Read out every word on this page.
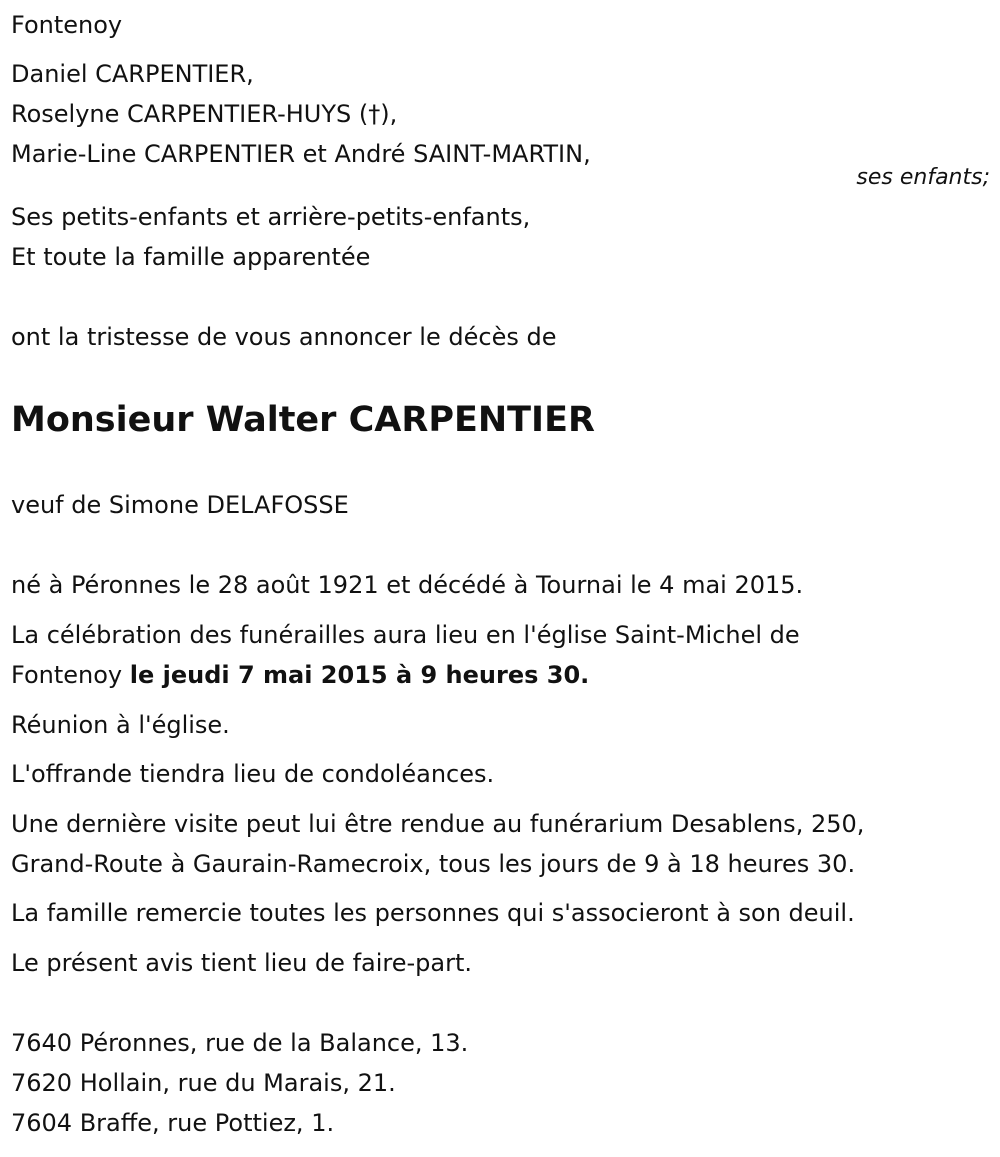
Fontenoy
Daniel CARPENTIER,
Roselyne CARPENTIER-HUYS (†),
Marie-Line CARPENTIER et André SAINT-MARTIN,
ses enfants;
Ses petits-enfants et arrière-petits-enfants,
Et toute la famille apparentée
ont la tristesse de vous annoncer le décès de
Monsieur Walter CARPENTIER
veuf de Simone DELAFOSSE
né à Péronnes le 28 août 1921 et décédé à Tournai le 4 mai 2015.
La célébration des funérailles aura lieu en l'église Saint-Michel de
Fontenoy le jeudi 7 mai 2015 à 9 heures 30.
Réunion à l'église.
L'offrande tiendra lieu de condoléances.
Une dernière visite peut lui être rendue au funérarium Desablens, 250,
Grand-Route à Gaurain-Ramecroix, tous les jours de 9 à 18 heures 30.
La famille remercie toutes les personnes qui s'associeront à son deuil.
Le présent avis tient lieu de faire-part.
7640 Péronnes, rue de la Balance, 13.
7620 Hollain, rue du Marais, 21.
7604 Braffe, rue Pottiez, 1.
